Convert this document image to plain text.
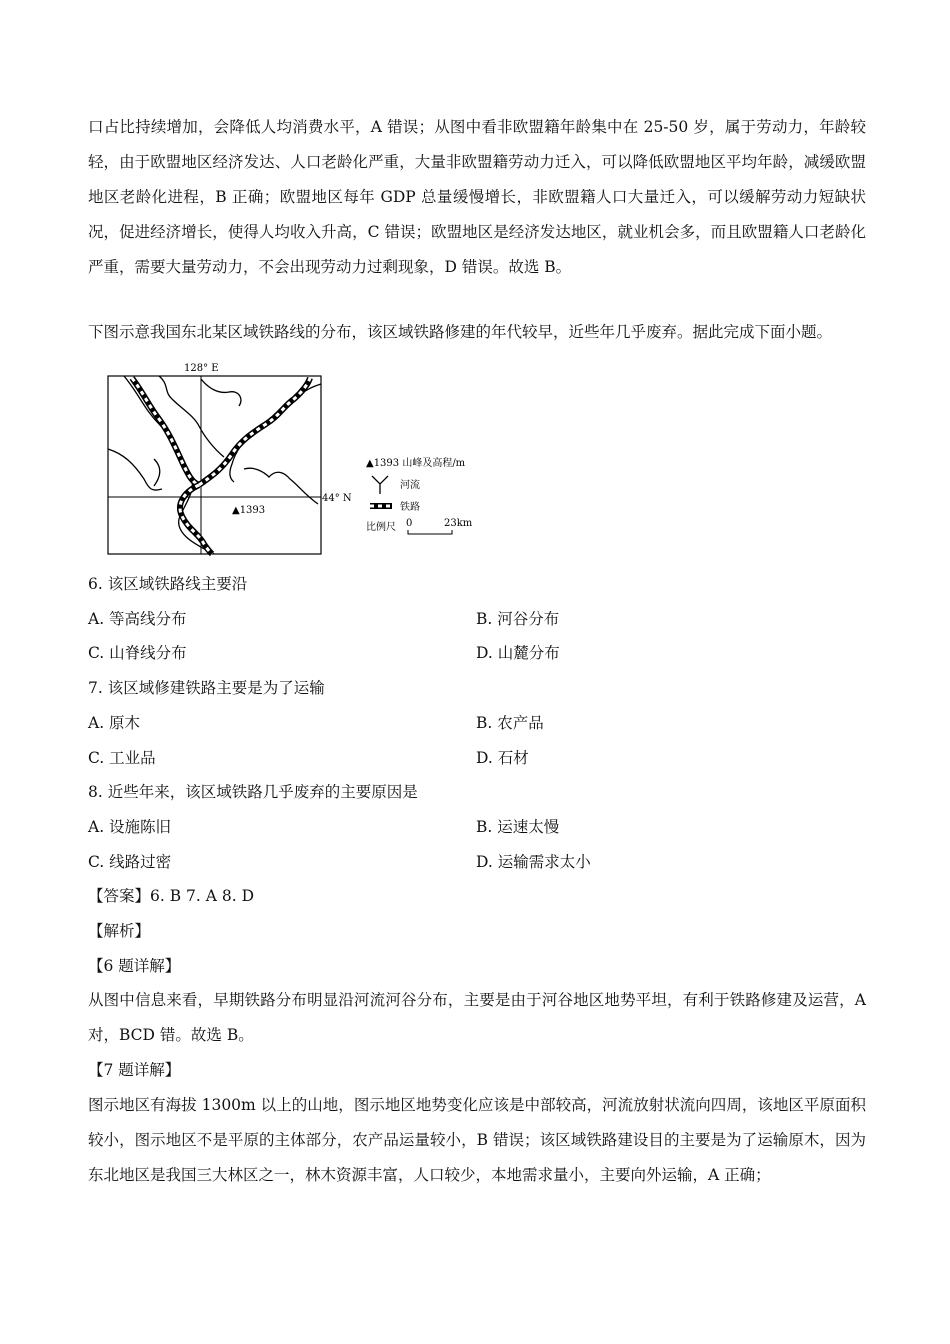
口占比持续增加，会降低人均消费水平，A 错误；从图中看非欧盟籍年龄集中在 25-50 岁，属于劳动力，年龄较轻，由于欧盟地区经济发达、人口老龄化严重，大量非欧盟籍劳动力迁入，可以降低欧盟地区平均年龄，减缓欧盟地区老龄化进程，B 正确；欧盟地区每年 GDP 总量缓慢增长，非欧盟籍人口大量迁入，可以缓解劳动力短缺状况，促进经济增长，使得人均收入升高，C 错误；欧盟地区是经济发达地区，就业机会多，而且欧盟籍人口老龄化严重，需要大量劳动力，不会出现劳动力过剩现象，D 错误。故选 B。

下图示意我国东北某区域铁路线的分布，该区域铁路修建的年代较早，近些年几乎废弃。据此完成下面小题。

128° E
44° N
▲1393
▲1393 山峰及高程/m
河流
铁路
比例尺 0	23km

6. 该区域铁路线主要沿

A. 等高线分布	B. 河谷分布
C. 山脊线分布	D. 山麓分布

7. 该区域修建铁路主要是为了运输

A. 原木	B. 农产品
C. 工业品	D. 石材

8. 近些年来，该区域铁路几乎废弃的主要原因是

A. 设施陈旧	B. 运速太慢
C. 线路过密	D. 运输需求太小

【答案】6. B 7. A 8. D

【解析】

【6 题详解】

从图中信息来看，早期铁路分布明显沿河流河谷分布，主要是由于河谷地区地势平坦，有利于铁路修建及运营，A 对，BCD 错。故选 B。

【7 题详解】

图示地区有海拔 1300m 以上的山地，图示地区地势变化应该是中部较高，河流放射状流向四周，该地区平原面积较小，图示地区不是平原的主体部分，农产品运量较小，B 错误；该区域铁路建设目的主要是为了运输原木，因为东北地区是我国三大林区之一，林木资源丰富，人口较少，本地需求量小，主要向外运输，A 正确；
